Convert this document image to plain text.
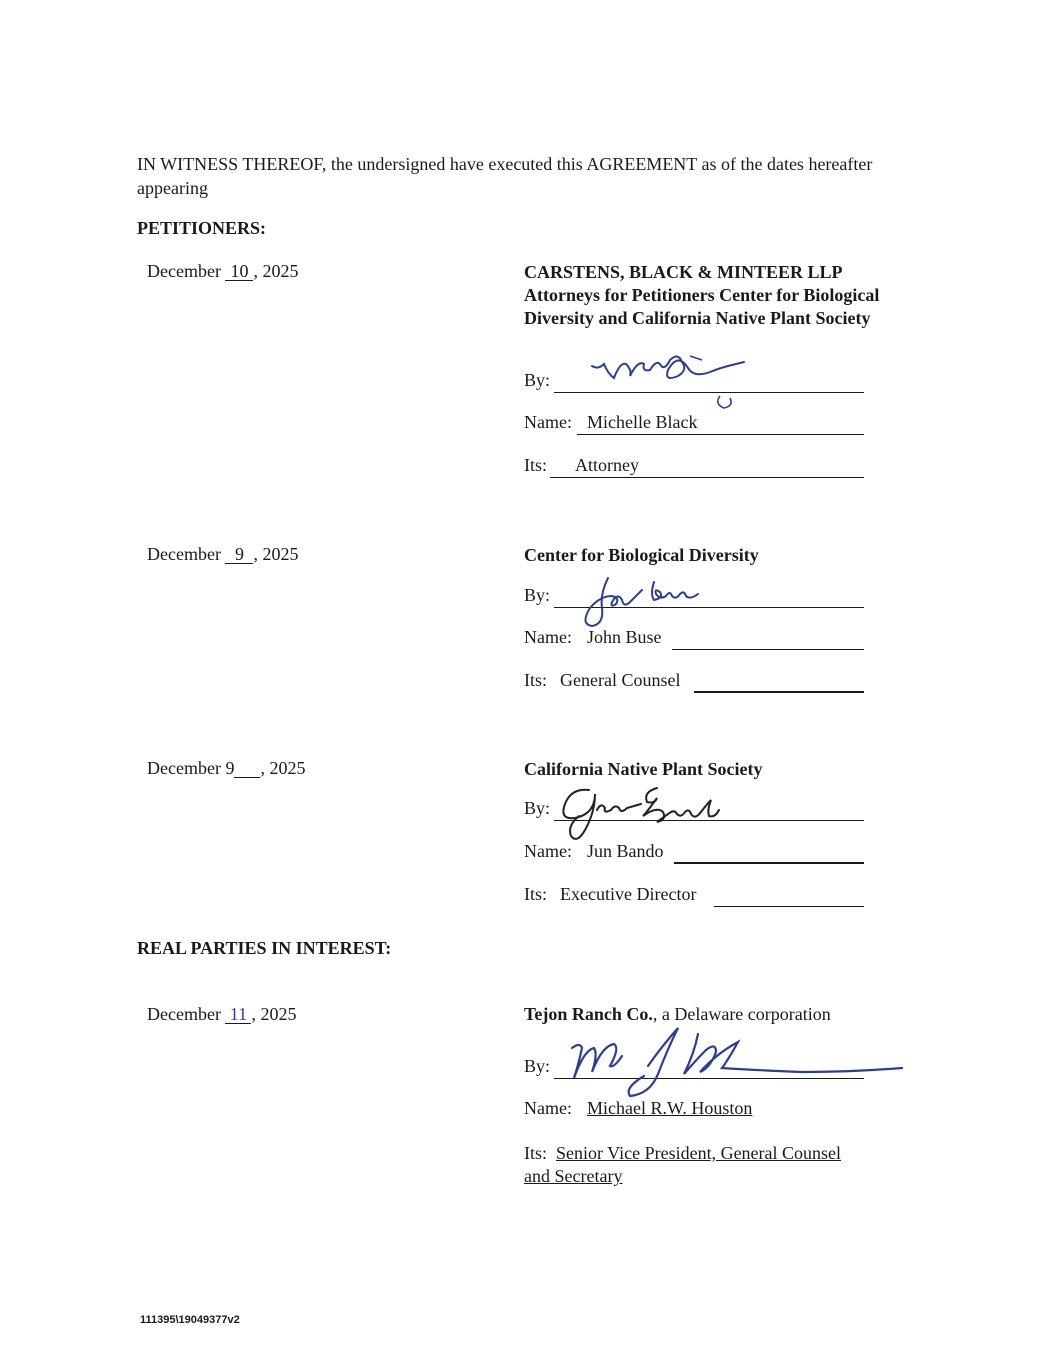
IN WITNESS THEREOF, the undersigned have executed this AGREEMENT as of the dates hereafter appearing
PETITIONERS:
December 10 , 2025	CARSTENS, BLACK & MINTEER LLP
Attorneys for Petitioners Center for Biological Diversity and California Native Plant Society
By:
Name: Michelle Black
Its: Attorney
December 9 , 2025	Center for Biological Diversity
By:
Name: John Buse
Its: General Counsel
December 9 , 2025	California Native Plant Society
By:
Name: Jun Bando
Its: Executive Director
REAL PARTIES IN INTEREST:
December 11 , 2025	Tejon Ranch Co., a Delaware corporation
By:
Name: Michael R.W. Houston
Its: Senior Vice President, General Counsel
and Secretary
111395\19049377v2
